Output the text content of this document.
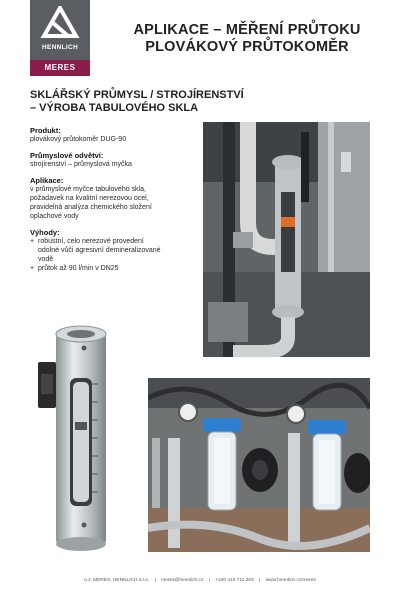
HENNLICH
MERES
APLIKACE – MĚŘENÍ PRŮTOKU
PLOVÁKOVÝ PRŮTOKOMĚR
SKLÁŘSKÝ PRŮMYSL / STROJÍRENSTVÍ
– VÝROBA TABULOVÉHO SKLA

Produkt:

plovákový průtokoměr DUG-90

Průmyslové odvětví:

strojírenství – průmyslová myčka

Aplikace:

v průmyslové myčce tabulového skla,

požadavek na kvalitní nerezovou ocel,

pravidelná analýza chemického složení

oplachové vody

Výhody:

+ robustní, celo nerezové provedení

odolné vůči agresivní demineralizované

vodě

+ průtok až 90 l/min v DN25

o.z. MERES, HENNLICH s.r.o. | meres@hennlich.cz | +420 416 711 203 | www.hennlich.cz/meres
